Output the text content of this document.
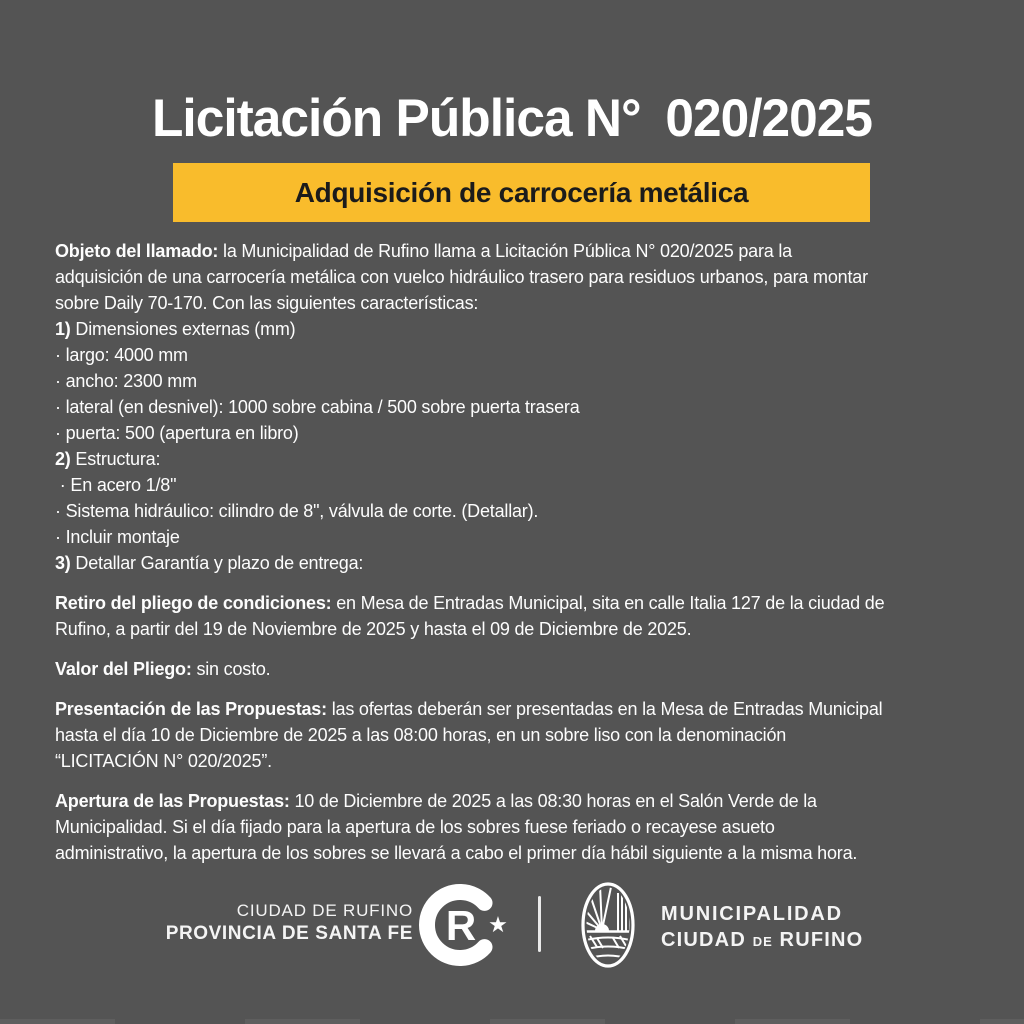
Licitación Pública N° 020/2025
Adquisición de carrocería metálica
Objeto del llamado: la Municipalidad de Rufino llama a Licitación Pública N° 020/2025 para la
adquisición de una carrocería metálica con vuelco hidráulico trasero para residuos urbanos, para montar
sobre Daily 70-170. Con las siguientes características:
1) Dimensiones externas (mm)
· largo: 4000 mm
· ancho: 2300 mm
· lateral (en desnivel): 1000 sobre cabina / 500 sobre puerta trasera
· puerta: 500 (apertura en libro)
2) Estructura:
· En acero 1/8"
· Sistema hidráulico: cilindro de 8", válvula de corte. (Detallar).
· Incluir montaje
3) Detallar Garantía y plazo de entrega:
Retiro del pliego de condiciones: en Mesa de Entradas Municipal, sita en calle Italia 127 de la ciudad de
Rufino, a partir del 19 de Noviembre de 2025 y hasta el 09 de Diciembre de 2025.
Valor del Pliego: sin costo.
Presentación de las Propuestas: las ofertas deberán ser presentadas en la Mesa de Entradas Municipal
hasta el día 10 de Diciembre de 2025 a las 08:00 horas, en un sobre liso con la denominación
“LICITACIÓN N° 020/2025”.
Apertura de las Propuestas: 10 de Diciembre de 2025 a las 08:30 horas en el Salón Verde de la
Municipalidad. Si el día fijado para la apertura de los sobres fuese feriado o recayese asueto
administrativo, la apertura de los sobres se llevará a cabo el primer día hábil siguiente a la misma hora.
CIUDAD DE RUFINO
PROVINCIA DE SANTA FE R ★	MUNICIPALIDAD
CIUDAD DE RUFINO
